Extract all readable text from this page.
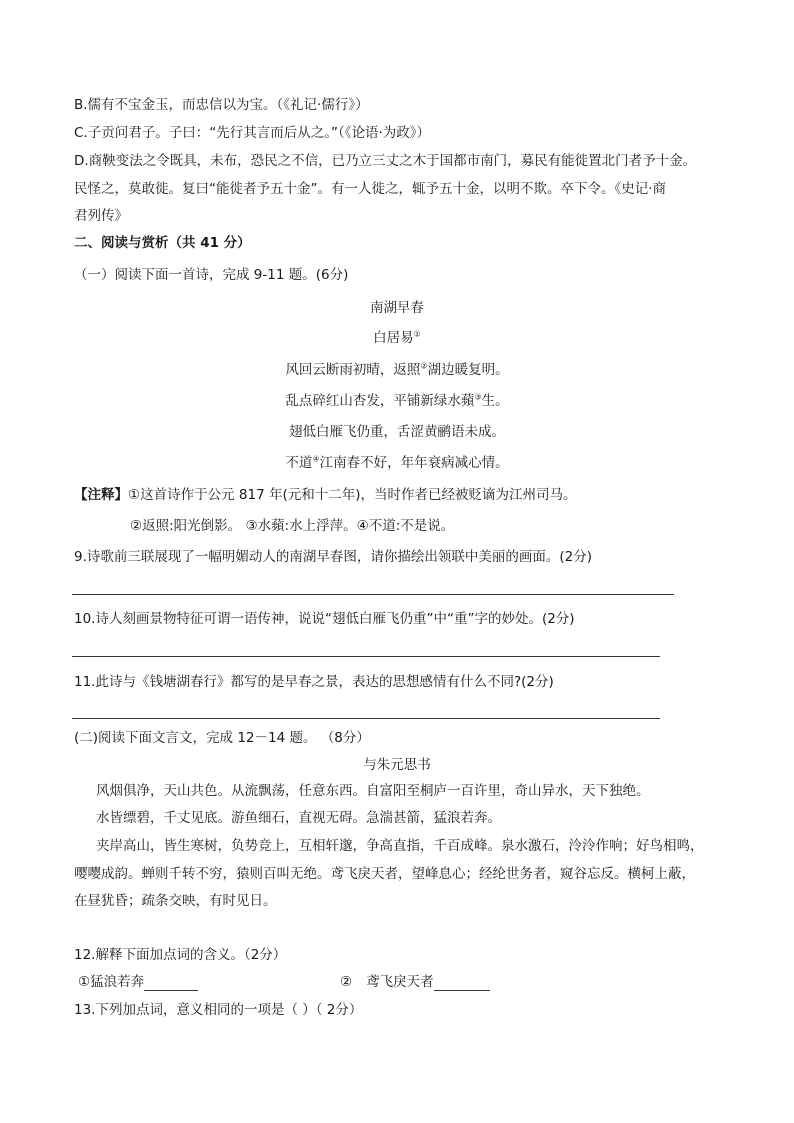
B.儒有不宝金玉，而忠信以为宝。（《礼记·儒行》）
C.子贡问君子。子曰：“先行其言而后从之。”（《论语·为政》）
D.商鞅变法之令既具，未布，恐民之不信，已乃立三丈之木于国都市南门，募民有能徙置北门者予十金。
民怪之，莫敢徙。复曰“能徙者予五十金”。有一人徙之，辄予五十金，以明不欺。卒下令。《史记·商
君列传》
二、阅读与赏析（共 41 分）
（一）阅读下面一首诗，完成 9-11 题。(6分)
南湖早春
白居易①
风回云断雨初晴，返照②湖边暖复明。
乱点碎红山杏发，平铺新绿水蘋③生。
翅低白雁飞仍重，舌涩黄鹂语未成。
不道④江南春不好，年年衰病减心情。
【注释】①这首诗作于公元 817 年(元和十二年)，当时作者已经被贬谪为江州司马。
②返照:阳光倒影。 ③水蘋:水上浮萍。④不道:不是说。
9.诗歌前三联展现了一幅明媚动人的南湖早春图，请你描绘出领联中美丽的画面。(2分)
10.诗人刻画景物特征可谓一语传神，说说“翅低白雁飞仍重”中“重”字的妙处。(2分)
11.此诗与《钱塘湖春行》都写的是早春之景，表达的思想感情有什么不同?(2分)
(二)阅读下面文言文，完成 12－14 题。 （8分）
与朱元思书
风烟俱净，天山共色。从流飘荡，任意东西。自富阳至桐庐一百许里，奇山异水，天下独绝。
水皆缥碧，千丈见底。游鱼细石，直视无碍。急湍甚箭，猛浪若奔。
夹岸高山，皆生寒树，负势竞上，互相轩邈，争高直指，千百成峰。泉水激石，泠泠作响；好鸟相鸣，
嘤嘤成韵。蝉则千转不穷，猿则百叫无绝。鸢飞戾天者，望峰息心；经纶世务者，窥谷忘反。横柯上蔽，
在昼犹昏；疏条交映，有时见日。
12.解释下面加点词的含义。（2分）
①猛浪若奔	② 鸢飞戾天者
13.下列加点词，意义相同的一项是（ ）（ 2分）
